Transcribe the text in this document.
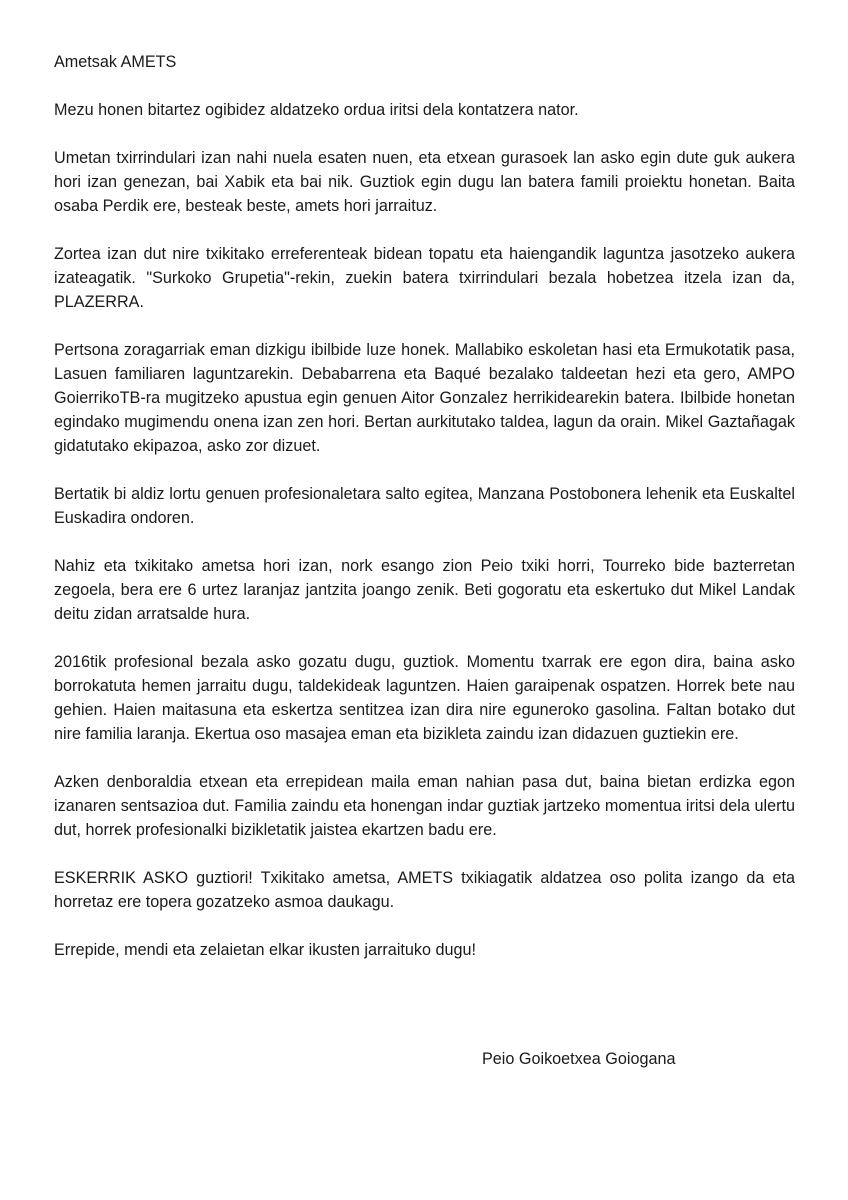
Ametsak AMETS

Mezu honen bitartez ogibidez aldatzeko ordua iritsi dela kontatzera nator.

Umetan txirrindulari izan nahi nuela esaten nuen, eta etxean gurasoek lan asko egin dute guk aukera hori izan genezan, bai Xabik eta bai nik. Guztiok egin dugu lan batera famili proiektu honetan. Baita osaba Perdik ere, besteak beste, amets hori jarraituz.

Zortea izan dut nire txikitako erreferenteak bidean topatu eta haiengandik laguntza jasotzeko aukera izateagatik. "Surkoko Grupetia"-rekin, zuekin batera txirrindulari bezala hobetzea itzela izan da, PLAZERRA.

Pertsona zoragarriak eman dizkigu ibilbide luze honek. Mallabiko eskoletan hasi eta Ermukotatik pasa, Lasuen familiaren laguntzarekin. Debabarrena eta Baqué bezalako taldeetan hezi eta gero, AMPO GoierrikoTB-ra mugitzeko apustua egin genuen Aitor Gonzalez herrikidearekin batera. Ibilbide honetan egindako mugimendu onena izan zen hori. Bertan aurkitutako taldea, lagun da orain. Mikel Gaztañagak gidatutako ekipazoa, asko zor dizuet.

Bertatik bi aldiz lortu genuen profesionaletara salto egitea, Manzana Postobonera lehenik eta Euskaltel Euskadira ondoren.

Nahiz eta txikitako ametsa hori izan, nork esango zion Peio txiki horri, Tourreko bide bazterretan zegoela, bera ere 6 urtez laranjaz jantzita joango zenik. Beti gogoratu eta eskertuko dut Mikel Landak deitu zidan arratsalde hura.

2016tik profesional bezala asko gozatu dugu, guztiok. Momentu txarrak ere egon dira, baina asko borrokatuta hemen jarraitu dugu, taldekideak laguntzen. Haien garaipenak ospatzen. Horrek bete nau gehien. Haien maitasuna eta eskertza sentitzea izan dira nire eguneroko gasolina. Faltan botako dut nire familia laranja. Ekertua oso masajea eman eta bizikleta zaindu izan didazuen guztiekin ere.

Azken denboraldia etxean eta errepidean maila eman nahian pasa dut, baina bietan erdizka egon izanaren sentsazioa dut. Familia zaindu eta honengan indar guztiak jartzeko momentua iritsi dela ulertu dut, horrek profesionalki bizikletatik jaistea ekartzen badu ere.

ESKERRIK ASKO guztiori! Txikitako ametsa, AMETS txikiagatik aldatzea oso polita izango da eta horretaz ere topera gozatzeko asmoa daukagu.

Errepide, mendi eta zelaietan elkar ikusten jarraituko dugu!

Peio Goikoetxea Goiogana
